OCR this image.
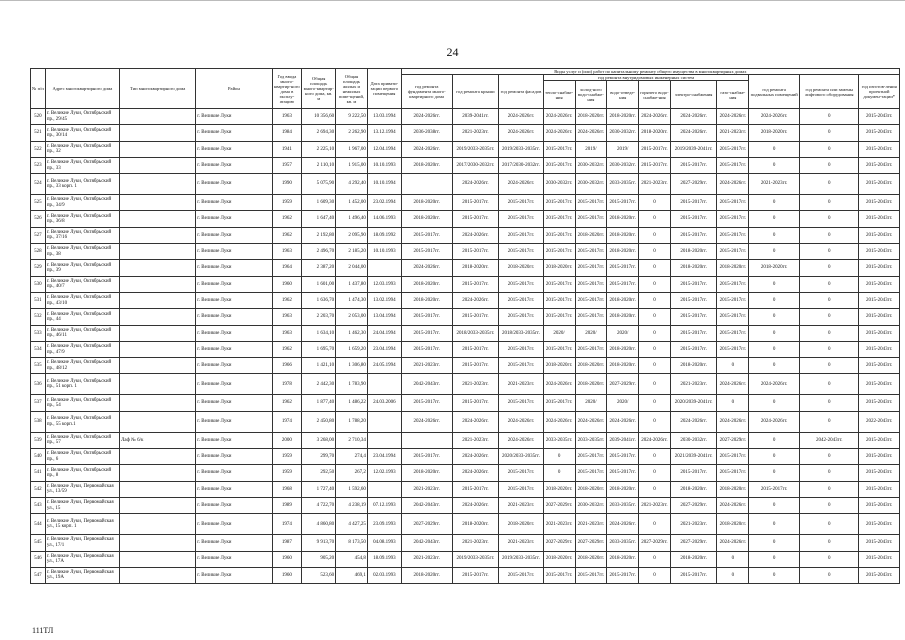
24
№ п/п	Адрес многоквартирного дома	Тип многоквартирного дома	Район	Год ввода много-квартир-ного дома в эксплу-атацию	Общая площадь много-квартир-ного дома, кв. м	Общая площадь жилых и нежилых поме-щений, кв. м	Дата привати-зации первого помещения	Виды услуг и (или) работ по капитальному ремонту общего имущества в многоквартирных домах											
								год ремонта фундамента много-квартирного дома	год ремонта крыши	год ремонта фасадов	год ремонта внутридомовых инженерных систем						год ремонта подвальных помещений	год ремонта или замены лифтового оборудования	год изготов-ления проектной докумен-тации*
											тепло-снабже-ния	холод-ного водо-снабже-ния	водо-отведе-ния	горячего водо-снабже-ния	электро-снабжения	газо-снабже-ния			
520	г. Великие Луки, Октябрьский пр., 29/45		г. Великие Луки	1963	10 356,60	9 222,50	13.03.1994	2024-2026гг.	2039-2041гг.	2024-2026гг.	2024-2026гг.	2018-2020гг.	2018-2020гг.	2024-2026гг.	2024-2026гг.	2024-2026гг.	2024-2026гг.	0	2015-2043гг.
521	г. Великие Луки, Октябрьский пр., 30/14		г. Великие Луки	1984	2 694,30	2 262,90	13.12.1994	2036-2038гг.	2021-2023гг.	2024-2026гг.	2024-2026гг.	2024-2026гг.	2030-2032гг.	2018-2020гг.	2024-2026гг.	2021-2023гг.	2018-2020гг.	0	2015-2043гг.
522	г. Великие Луки, Октябрьский пр., 32		г. Великие Луки	1941	2 225,10	1 967,00	12.04.1994	2024-2026гг.	2019/2033-2035гг.	2019/2033-2035гг.	2015-2017гг.	2019/	2019/	2015-2017гг.	2019/2039-2041гг.	2015-2017гг.	0	0	2015-2043гг.
523	г. Великие Луки, Октябрьский пр., 33		г. Великие Луки	1957	2 110,10	1 915,00	10.10.1993	2018-2020гг.	2017/2030-2032гг.	2017/2030-2032гг.	2015-2017гг.	2030-2032гг.	2030-2032гг.	2015-2017гг.	2015-2017гг.	2015-2017гг.	0	0	2015-2043гг.
524	г. Великие Луки, Октябрьский пр., 33 корп. 1		г. Великие Луки	1990	5 075,90	4 292,40	10.10.1994		2024-2026гг.	2024-2026гг.	2030-2032гг.	2030-2032гг.	2033-2035гг.	2021-2023гг.	2027-2029гг.	2024-2026гг.	2021-2023гг.	0	2015-2043гг.
525	г. Великие Луки, Октябрьский пр., 34/9		г. Великие Луки	1959	1 609,30	1 452,00	23.02.1994	2018-2020гг.	2015-2017гг.	2015-2017гг.	2015-2017гг.	2015-2017гг.	2015-2017гг.	0	2015-2017гг.	2015-2017гг.	0	0	2015-2043гг.
526	г. Великие Луки, Октябрьский пр., 36/8		г. Великие Луки	1962	1 647,40	1 496,40	14.06.1993	2018-2020гг.	2015-2017гг.	2015-2017гг.	2015-2017гг.	2015-2017гг.	2018-2020гг.	0	2015-2017гг.	2015-2017гг.	0	0	2015-2043гг.
527	г. Великие Луки, Октябрьский пр., 37/16		г. Великие Луки	1962	2 192,80	2 095,90	18.09.1992	2015-2017гг.	2024-2026гг.	2015-2017гг.	2015-2017гг.	2018-2020гг.	2018-2020гг.	0	2015-2017гг.	2015-2017гг.	0	0	2015-2043гг.
528	г. Великие Луки, Октябрьский пр., 38		г. Великие Луки	1963	2 496,70	2 185,20	10.10.1993	2015-2017гг.	2015-2017гг.	2015-2017гг.	2015-2017гг.	2015-2017гг.	2018-2020гг.	0	2018-2020гг.	2015-2017гг.	0	0	2015-2043гг.
529	г. Великие Луки, Октябрьский пр., 39		г. Великие Луки	1964	2 387,20	2 044,00		2024-2026гг.	2018-2020гг.	2018-2020гг.	2018-2020гг.	2015-2017гг.	2015-2017гг.	0	2018-2020гг.	2018-2020гг.	2018-2020гг.	0	2015-2043гг.
530	г. Великие Луки, Октябрьский пр., 40/7		г. Великие Луки	1960	1 601,00	1 437,80	12.03.1993	2018-2020гг.	2015-2017гг.	2015-2017гг.	2015-2017гг.	2015-2017гг.	2015-2017гг.	0	2015-2017гг.	2015-2017гг.	0	0	2015-2043гг.
531	г. Великие Луки, Октябрьский пр., 43/10		г. Великие Луки	1962	1 636,70	1 474,30	13.02.1994	2018-2020гг.	2024-2026гг.	2015-2017гг.	2015-2017гг.	2015-2017гг.	2018-2020гг.	0	2015-2017гг.	2015-2017гг.	0	0	2015-2043гг.
532	г. Великие Луки, Октябрьский пр., 44		г. Великие Луки	1963	2 203,70	2 053,00	13.04.1994	2015-2017гг.	2015-2017гг.	2015-2017гг.	2015-2017гг.	2015-2017гг.	2018-2020гг.	0	2015-2017гг.	2015-2017гг.	0	0	2015-2043гг.
533	г. Великие Луки, Октябрьский пр., 46/11		г. Великие Луки	1963	1 634,10	1 462,30	24.04.1994	2015-2017гг.	2018/2033-2035гг.	2018/2033-2035гг.	2020/	2020/	2020/	0	2015-2017гг.	2015-2017гг.	0	0	2015-2043гг.
534	г. Великие Луки, Октябрьский пр., 47/9		г. Великие Луки	1962	1 695,70	1 659,20	23.04.1994	2015-2017гг.	2015-2017гг.	2015-2017гг.	2015-2017гг.	2015-2017гг.	2018-2020гг.	0	2015-2017гг.	2015-2017гг.	0	0	2015-2043гг.
535	г. Великие Луки, Октябрьский пр., 48/12		г. Великие Луки	1966	1 421,10	1 306,80	24.05.1994	2021-2023гг.	2015-2017гг.	2015-2017гг.	2018-2020гг.	2018-2020гг.	2018-2020гг.	0	2018-2020гг.	0	0	0	2015-2043гг.
536	г. Великие Луки, Октябрьский пр., 51 корп. 1		г. Великие Луки	1978	2 442,30	1 783,90		2042-2043гг.	2021-2023гг.	2021-2023гг.	2024-2026гг.	2018-2020гг.	2027-2029гг.	0	2021-2023гг.	2024-2026гг.	2024-2026гг.	0	2015-2043гг.
537	г. Великие Луки, Октябрьский пр., 54		г. Великие Луки	1962	1 877,40	1 486,22	24.03.2006	2015-2017гг.	2015-2017гг.	2015-2017гг.	2015-2017гг.	2020/	2020/	0	2020/2039-2041гг.	0	0	0	2015-2043гг.
538	г. Великие Луки, Октябрьский пр., 55 корп.1		г. Великие Луки	1974	2 450,80	1 788,20		2024-2026гг.	2024-2026гг.	2024-2026гг.	2024-2026гг.	2024-2026гг.	2024-2026гг.	0	2024-2026гг.	2024-2026гг.	2024-2026гг.	0	2022-2043гг.
539	г. Великие Луки, Октябрьский пр., 57	Лаф № 6/к	г. Великие Луки	2000	3 268,00	2 710,34			2021-2023гг.	2024-2026гг.	2033-2035гг.	2033-2035гг.	2039-2041гг.	2024-2026гг.	2030-2032гг.	2027-2029гг.	0	2042-2043гг.	2015-2043гг.
540	г. Великие Луки, Октябрьский пр., 6		г. Великие Луки	1959	299,70	274,4	23.04.1994	2015-2017гг.	2024-2026гг.	2020/2033-2035гг.	0	2015-2017гг.	2015-2017гг.	0	2021/2039-2041гг.	2015-2017гг.	0	0	2015-2043гг.
541	г. Великие Луки, Октябрьский пр., 8		г. Великие Луки	1959	292,50	267,2	12.02.1993	2018-2020гг.	2024-2026гг.	2015-2017гг.	0	2015-2017гг.	2015-2017гг.	0	2015-2017гг.	2015-2017гг.	0	0	2015-2043гг.
542	г. Великие Луки, Первомайская ул., 13/59		г. Великие Луки	1968	1 727,40	1 592,60		2021-2023гг.	2015-2017гг.	2015-2017гг.	2018-2020гг.	2018-2020гг.	2018-2020гг.	0	2018-2020гг.	2018-2020гг.	2015-2017гг.	0	2015-2043гг.
543	г. Великие Луки, Первомайская ул., 15		г. Великие Луки	1989	4 722,70	4 238,19	07.12.1993	2042-2043гг.	2024-2026гг.	2021-2023гг.	2027-2029гг.	2030-2032гг.	2033-2035гг.	2021-2023гг.	2027-2029гг.	2024-2026гг.	0	0	2015-2043гг.
544	г. Великие Луки, Первомайская ул., 15 корп. 1		г. Великие Луки	1974	4 860,80	4 427,25	23.09.1993	2027-2029гг.	2018-2020гг.	2018-2020гг.	2021-2023гг.	2021-2023гг.	2024-2026гг.	0	2021-2023гг.	2018-2020гг.	0	0	2015-2043гг.
545	г. Великие Луки, Первомайская ул., 17/1		г. Великие Луки	1987	9 913,70	8 173,50	04.08.1993	2042-2043гг.	2021-2023гг.	2021-2023гг.	2027-2029гг.	2027-2029гг.	2033-2035гг.	2027-2029гг.	2027-2029гг.	2024-2026гг.	0	0	2015-2043гг.
546	г. Великие Луки, Первомайская ул., 17А		г. Великие Луки	1960	905,20	454,8	18.09.1993	2021-2023гг.	2019/2033-2035гг.	2019/2033-2035гг.	2018-2020гг.	2018-2020гг.	2018-2020гг.	0	2018-2020гг.	0	0	0	2015-2043гг.
547	г. Великие Луки, Первомайская ул., 19А		г. Великие Луки	1960	523,60	469,1	02.03.1993	2018-2020гг.	2015-2017гг.	2015-2017гг.	2015-2017гг.	2015-2017гг.	2015-2017гг.	0	2015-2017гг.	0	0	0	2015-2043гг.
111ТЛ
